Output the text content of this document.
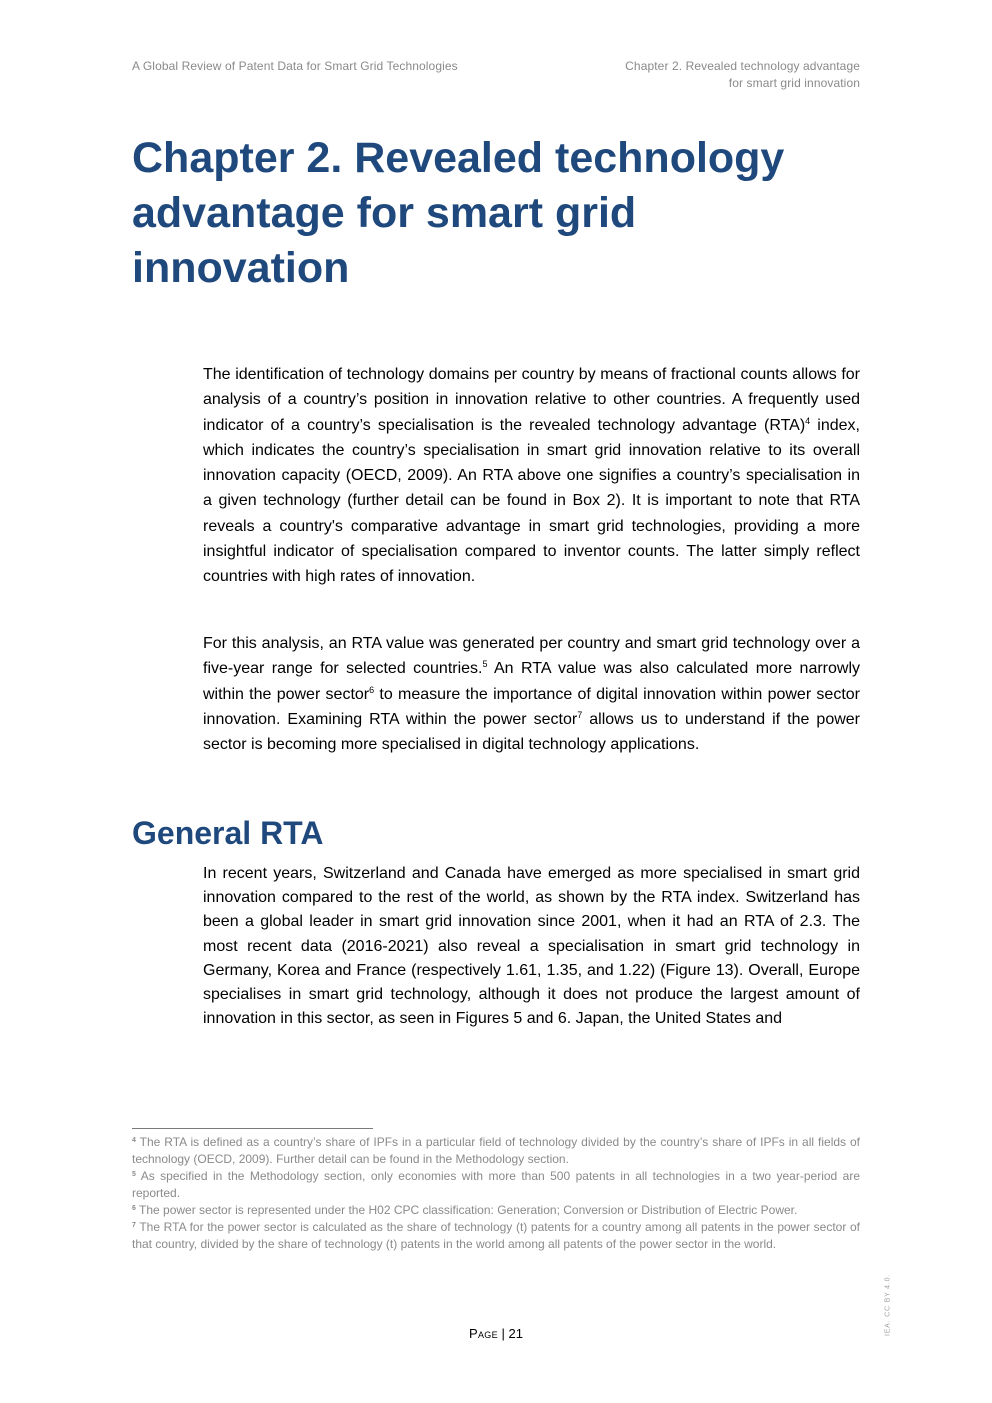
A Global Review of Patent Data for Smart Grid Technologies	Chapter 2. Revealed technology advantage
for smart grid innovation
Chapter 2. Revealed technology advantage for smart grid innovation

The identification of technology domains per country by means of fractional counts allows for analysis of a country’s position in innovation relative to other countries. A frequently used indicator of a country’s specialisation is the revealed technology advantage (RTA)$^4$ index, which indicates the country’s specialisation in smart grid innovation relative to its overall innovation capacity (OECD, 2009). An RTA above one signifies a country’s specialisation in a given technology (further detail can be found in Box 2). It is important to note that RTA reveals a country's comparative advantage in smart grid technologies, providing a more insightful indicator of specialisation compared to inventor counts. The latter simply reflect countries with high rates of innovation.

For this analysis, an RTA value was generated per country and smart grid technology over a five-year range for selected countries.$^5$ An RTA value was also calculated more narrowly within the power sector$^6$ to measure the importance of digital innovation within power sector innovation. Examining RTA within the power sector$^7$ allows us to understand if the power sector is becoming more specialised in digital technology applications.

General RTA

In recent years, Switzerland and Canada have emerged as more specialised in smart grid innovation compared to the rest of the world, as shown by the RTA index. Switzerland has been a global leader in smart grid innovation since 2001, when it had an RTA of 2.3. The most recent data (2016-2021) also reveal a specialisation in smart grid technology in Germany, Korea and France (respectively 1.61, 1.35, and 1.22) (Figure 13). Overall, Europe specialises in smart grid technology, although it does not produce the largest amount of innovation in this sector, as seen in Figures 5 and 6. Japan, the United States and

$^4$ The RTA is defined as a country’s share of IPFs in a particular field of technology divided by the country’s share of IPFs in all fields of technology (OECD, 2009). Further detail can be found in the Methodology section.

$^5$ As specified in the Methodology section, only economies with more than 500 patents in all technologies in a two year-period are reported.

$^6$ The power sector is represented under the H02 CPC classification: Generation; Conversion or Distribution of Electric Power.

$^7$ The RTA for the power sector is calculated as the share of technology (t) patents for a country among all patents in the power sector of that country, divided by the share of technology (t) patents in the world among all patents of the power sector in the world.

Page | 21	IEA. CC BY 4.0.
